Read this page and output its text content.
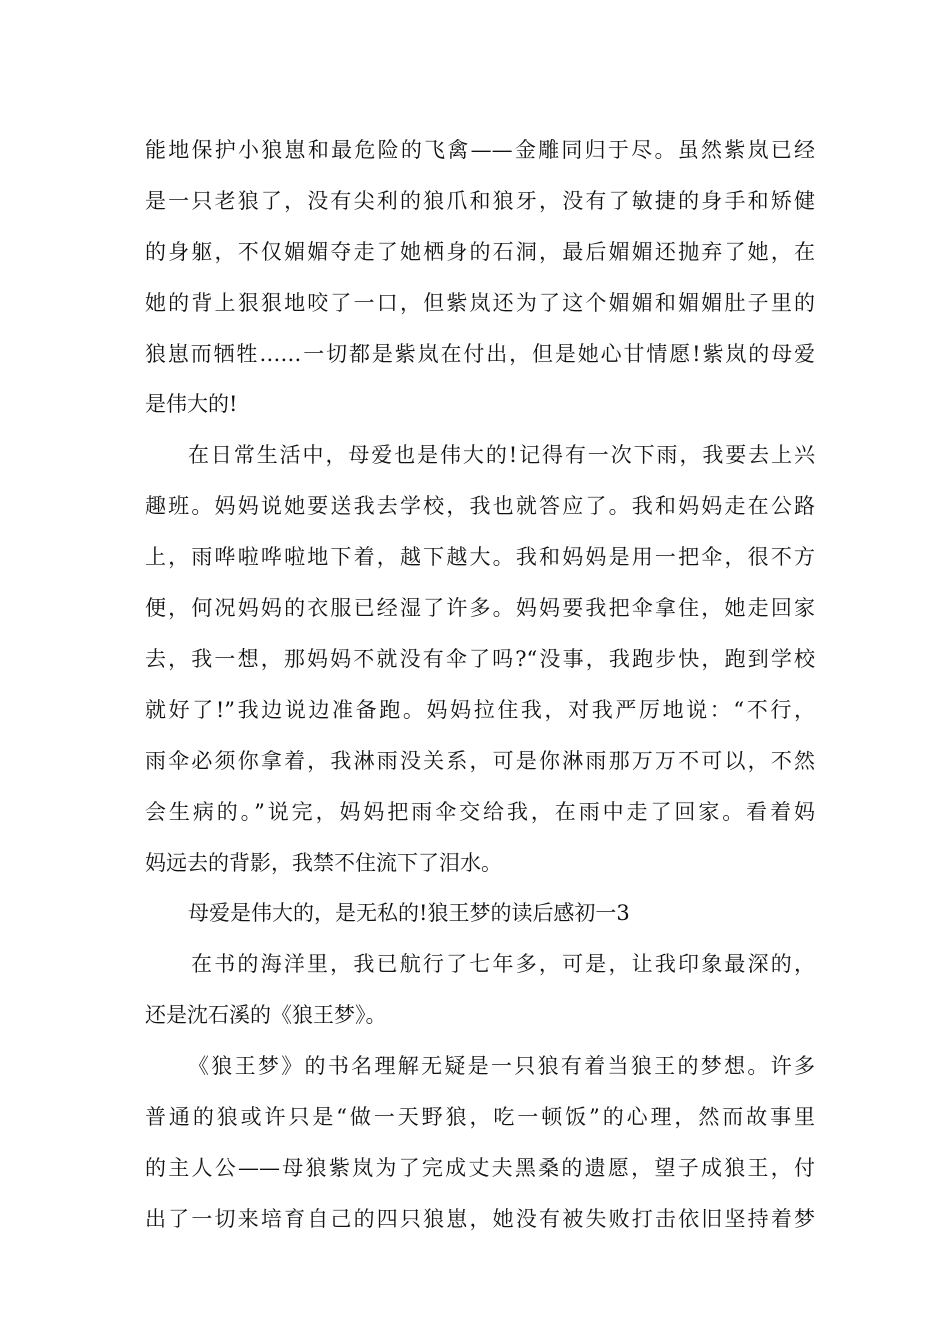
能地保护小狼崽和最危险的飞禽——金雕同归于尽。虽然紫岚已经
是一只老狼了，没有尖利的狼爪和狼牙，没有了敏捷的身手和矫健
的身躯，不仅媚媚夺走了她栖身的石洞，最后媚媚还抛弃了她，在
她的背上狠狠地咬了一口，但紫岚还为了这个媚媚和媚媚肚子里的
狼崽而牺牲……一切都是紫岚在付出，但是她心甘情愿!紫岚的母爱
是伟大的!
在日常生活中，母爱也是伟大的!记得有一次下雨，我要去上兴
趣班。妈妈说她要送我去学校，我也就答应了。我和妈妈走在公路
上，雨哗啦哗啦地下着，越下越大。我和妈妈是用一把伞，很不方
便，何况妈妈的衣服已经湿了许多。妈妈要我把伞拿住，她走回家
去，我一想，那妈妈不就没有伞了吗?“没事，我跑步快，跑到学校
就好了!”我边说边准备跑。妈妈拉住我，对我严厉地说：“不行，
雨伞必须你拿着，我淋雨没关系，可是你淋雨那万万不可以，不然
会生病的。”说完，妈妈把雨伞交给我，在雨中走了回家。看着妈
妈远去的背影，我禁不住流下了泪水。
母爱是伟大的，是无私的!狼王梦的读后感初一3
在书的海洋里，我已航行了七年多，可是，让我印象最深的，
还是沈石溪的《狼王梦》。
《狼王梦》的书名理解无疑是一只狼有着当狼王的梦想。许多
普通的狼或许只是“做一天野狼，吃一顿饭”的心理，然而故事里
的主人公——母狼紫岚为了完成丈夫黑桑的遗愿，望子成狼王，付
出了一切来培育自己的四只狼崽，她没有被失败打击依旧坚持着梦
